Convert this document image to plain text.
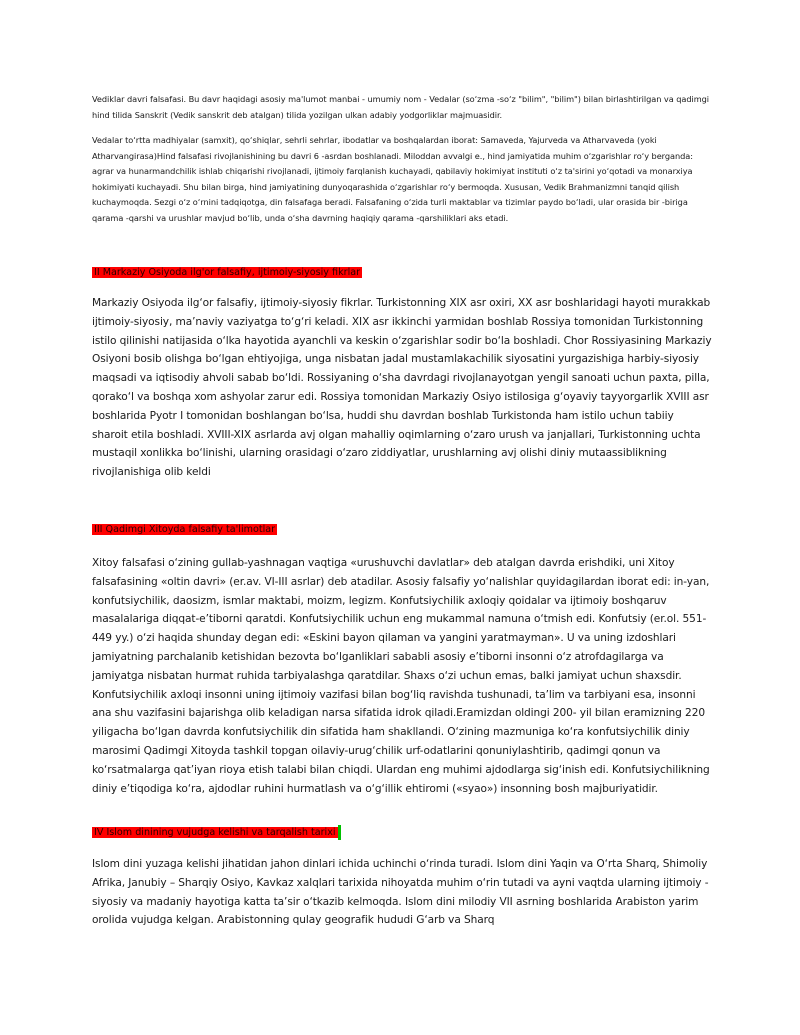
Vediklar davri falsafasi. Bu davr haqidagi asosiy ma'lumot manbai - umumiy nom - Vedalar (so‘zma -so‘z "bilim", "bilim") bilan birlashtirilgan va qadimgi hind tilida Sanskrit (Vedik sanskrit deb atalgan) tilida yozilgan ulkan adabiy yodgorliklar majmuasidir.

Vedalar to‘rtta madhiyalar (samxit), qo‘shiqlar, sehrli sehrlar, ibodatlar va boshqalardan iborat: Samaveda, Yajurveda va Atharvaveda (yoki Atharvangirasa)Hind falsafasi rivojlanishining bu davri 6 -asrdan boshlanadi. Miloddan avvalgi e., hind jamiyatida muhim o‘zgarishlar ro‘y berganda: agrar va hunarmandchilik ishlab chiqarishi rivojlanadi, ijtimoiy farqlanish kuchayadi, qabilaviy hokimiyat instituti o‘z ta'sirini yo‘qotadi va monarxiya hokimiyati kuchayadi. Shu bilan birga, hind jamiyatining dunyoqarashida o‘zgarishlar ro‘y bermoqda. Xususan, Vedik Brahmanizmni tanqid qilish kuchaymoqda. Sezgi o‘z o‘rnini tadqiqotga, din falsafaga beradi. Falsafaning o‘zida turli maktablar va tizimlar paydo bo‘ladi, ular orasida bir -biriga qarama -qarshi va urushlar mavjud bo‘lib, unda o‘sha davrning haqiqiy qarama -qarshiliklari aks etadi.

II Markaziy Osiyoda ilg'or falsafiy, ijtimoiy-siyosiy fikrlar

Markaziy Osiyoda ilg‘or falsafiy, ijtimoiy-siyosiy fikrlar. Turkistonning XIX asr oxiri, XX asr boshlaridagi hayoti murakkab ijtimoiy-siyosiy, ma’naviy vaziyatga to‘g‘ri keladi. XIX asr ikkinchi yarmidan boshlab Rossiya tomonidan Turkistonning istilo qilinishi natijasida o‘lka hayotida ayanchli va keskin o‘zgarishlar sodir bo‘la boshladi. Chor Rossiyasining Markaziy Osiyoni bosib olishga bo‘lgan ehtiyojiga, unga nisbatan jadal mustamlakachilik siyosatini yurgazishiga harbiy-siyosiy maqsadi va iqtisodiy ahvoli sabab bo‘ldi. Rossiyaning o‘sha davrdagi rivojlanayotgan yengil sanoati uchun paxta, pilla, qorako‘l va boshqa xom ashyolar zarur edi. Rossiya tomonidan Markaziy Osiyo istilosiga g‘oyaviy tayyorgarlik XVIII asr boshlarida Pyotr I tomonidan boshlangan bo‘lsa, huddi shu davrdan boshlab Turkistonda ham istilo uchun tabiiy sharoit etila boshladi. XVIII-XIX asrlarda avj olgan mahalliy oqimlarning o‘zaro urush va janjallari, Turkistonning uchta mustaqil xonlikka bo‘linishi, ularning orasidagi o‘zaro ziddiyatlar, urushlarning avj olishi diniy mutaassiblikning rivojlanishiga olib keldi

III Qadimgi Xitoyda falsafiy ta'limotlar

Xitoy falsafasi o‘zining gullab-yashnagan vaqtiga «urushuvchi davlatlar» deb atalgan davrda erishdiki, uni Xitoy falsafasining «oltin davri» (er.av. VI-III asrlar) deb atadilar. Asosiy falsafiy yo‘nalishlar quyidagilardan iborat edi: in-yan, konfutsiychilik, daosizm, ismlar maktabi, moizm, legizm. Konfutsiychilik axloqiy qoidalar va ijtimoiy boshqaruv masalalariga diqqat-e’tiborni qaratdi. Konfutsiychilik uchun eng mukammal namuna o‘tmish edi. Konfutsiy (er.ol. 551-449 yy.) o‘zi haqida shunday degan edi: «Eskini bayon qilaman va yangini yaratmayman». U va uning izdoshlari jamiyatning parchalanib ketishidan bezovta bo‘lganliklari sababli asosiy e’tiborni insonni o‘z atrofdagilarga va jamiyatga nisbatan hurmat ruhida tarbiyalashga qaratdilar. Shaxs o‘zi uchun emas, balki jamiyat uchun shaxsdir. Konfutsiychilik axloqi insonni uning ijtimoiy vazifasi bilan bog‘liq ravishda tushunadi, ta’lim va tarbiyani esa, insonni ana shu vazifasini bajarishga olib keladigan narsa sifatida idrok qiladi.Eramizdan oldingi 200- yil bilan eramizning 220 yiligacha bo‘lgan davrda konfutsiychilik din sifatida ham shakllandi. O‘zining mazmuniga ko‘ra konfutsiychilik diniy marosimi Qadimgi Xitoyda tashkil topgan oilaviy-urug‘chilik urf-odatlarini qonuniylashtirib, qadimgi qonun va ko‘rsatmalarga qat’iyan rioya etish talabi bilan chiqdi. Ulardan eng muhimi ajdodlarga sig‘inish edi. Konfutsiychilikning diniy e’tiqodiga ko‘ra, ajdodlar ruhini hurmatlash va o‘g‘illik ehtiromi («syao») insonning bosh majburiyatidir.

IV Islom dinining vujudga kelishi va tarqalish tarixi

Islom dini yuzaga kelishi jihatidan jahon dinlari ichida uchinchi o‘rinda turadi. Islom dini Yaqin va O‘rta Sharq, Shimoliy Afrika, Janubiy – Sharqiy Osiyo, Kavkaz xalqlari tarixida nihoyatda muhim o‘rin tutadi va ayni vaqtda ularning ijtimoiy - siyosiy va madaniy hayotiga katta ta’sir o‘tkazib kelmoqda. Islom dini milodiy VII asrning boshlarida Arabiston yarim orolida vujudga kelgan. Arabistonning qulay geografik hududi G‘arb va Sharq
